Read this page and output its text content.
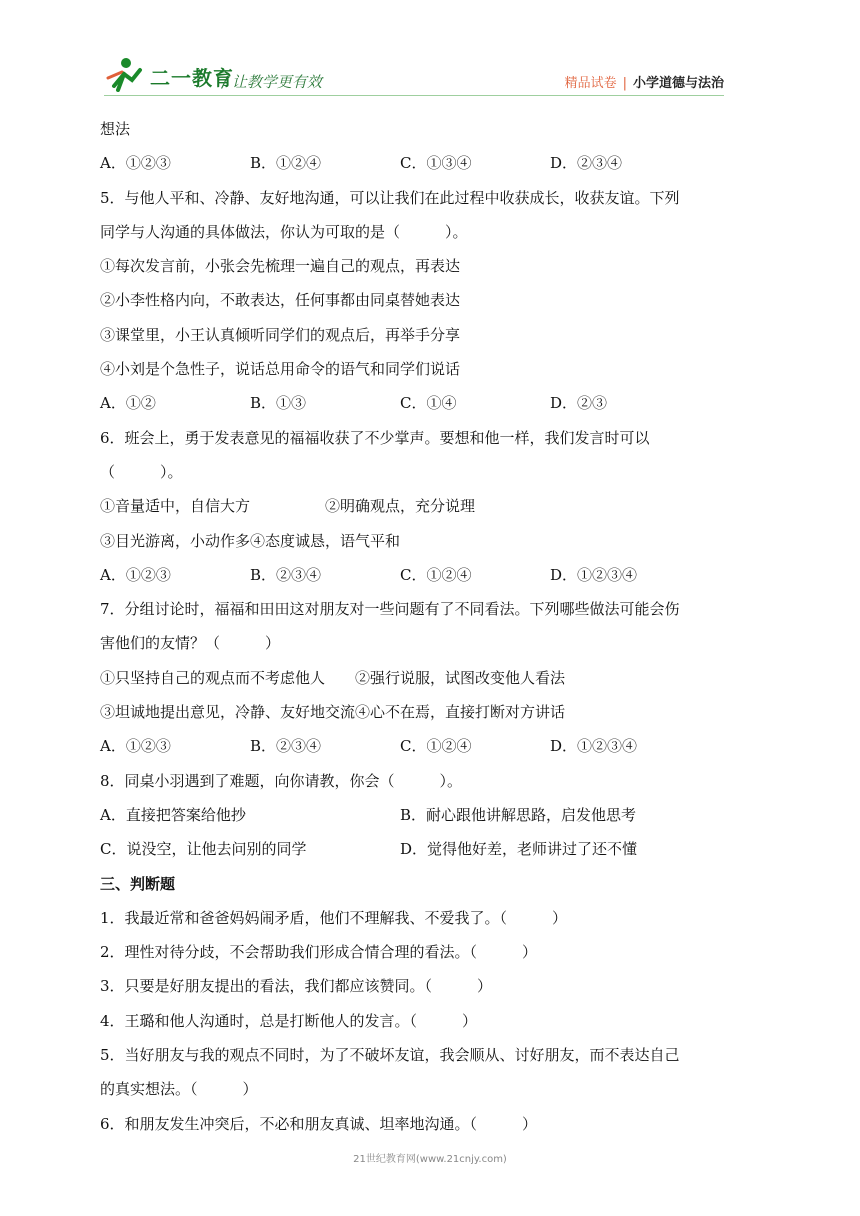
二一教育
/ 让教学更有效	精品试卷 | 小学道德与法治
想法
A．①②③	B．①②④	C．①③④	D．②③④
5．与他人平和、冷静、友好地沟通，可以让我们在此过程中收获成长，收获友谊。下列
同学与人沟通的具体做法，你认为可取的是（　　　）。
①每次发言前，小张会先梳理一遍自己的观点，再表达
②小李性格内向，不敢表达，任何事都由同桌替她表达
③课堂里，小王认真倾听同学们的观点后，再举手分享
④小刘是个急性子，说话总用命令的语气和同学们说话
A．①②	B．①③	C．①④	D．②③
6．班会上，勇于发表意见的福福收获了不少掌声。要想和他一样，我们发言时可以
（　　　）。
①音量适中，自信大方　　　　　②明确观点，充分说理
③目光游离，小动作多④态度诚恳，语气平和
A．①②③	B．②③④	C．①②④	D．①②③④
7．分组讨论时，福福和田田这对朋友对一些问题有了不同看法。下列哪些做法可能会伤
害他们的友情？（　　　）
①只坚持自己的观点而不考虑他人　　②强行说服，试图改变他人看法
③坦诚地提出意见，冷静、友好地交流④心不在焉，直接打断对方讲话
A．①②③	B．②③④	C．①②④	D．①②③④
8．同桌小羽遇到了难题，向你请教，你会（　　　）。
A．直接把答案给他抄	B．耐心跟他讲解思路，启发他思考
C．说没空，让他去问别的同学	D．觉得他好差，老师讲过了还不懂
三、判断题
1．我最近常和爸爸妈妈闹矛盾，他们不理解我、不爱我了。（　　　）
2．理性对待分歧，不会帮助我们形成合情合理的看法。（　　　）
3．只要是好朋友提出的看法，我们都应该赞同。（　　　）
4．王璐和他人沟通时，总是打断他人的发言。（　　　）
5．当好朋友与我的观点不同时，为了不破坏友谊，我会顺从、讨好朋友，而不表达自己
的真实想法。（　　　）
6．和朋友发生冲突后，不必和朋友真诚、坦率地沟通。（　　　）
21世纪教育网(www.21cnjy.com)
